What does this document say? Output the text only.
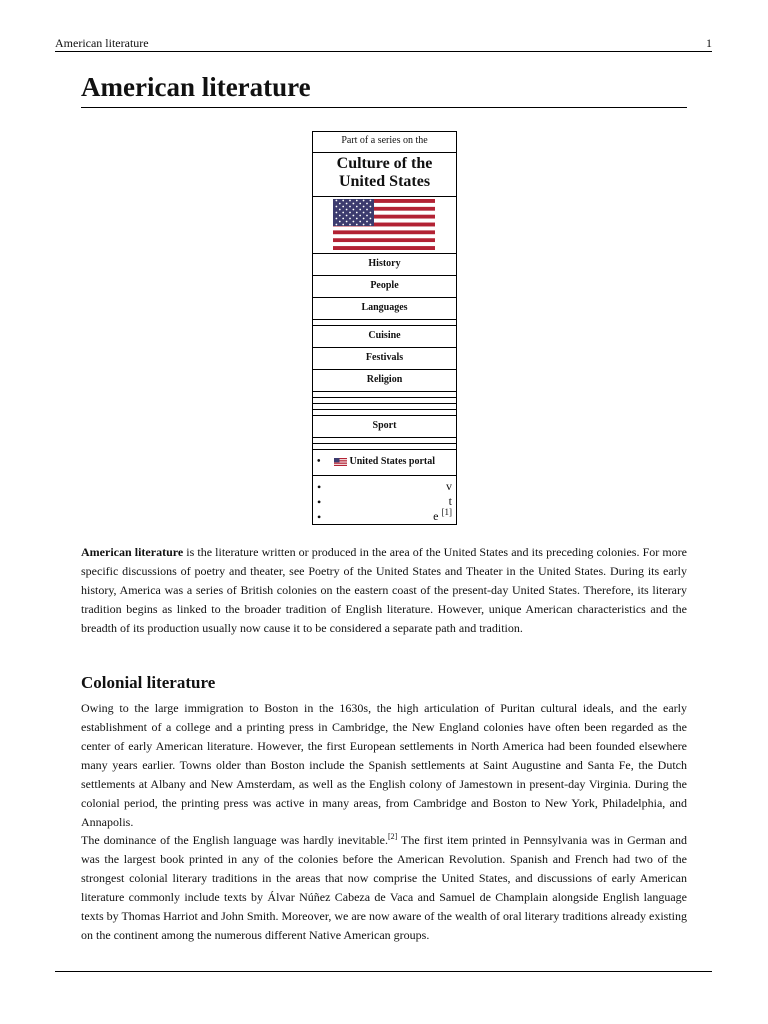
American literature	1
American literature
Part of a series on the
Culture of the United States
History
People
Languages
Cuisine
Festivals
Religion
Sport
•	United States portal
•
•
•
v
t
e [1]

American literature is the literature written or produced in the area of the United States and its preceding colonies. For more specific discussions of poetry and theater, see Poetry of the United States and Theater in the United States. During its early history, America was a series of British colonies on the eastern coast of the present-day United States. Therefore, its literary tradition begins as linked to the broader tradition of English literature. However, unique American characteristics and the breadth of its production usually now cause it to be considered a separate path and tradition.

Colonial literature

Owing to the large immigration to Boston in the 1630s, the high articulation of Puritan cultural ideals, and the early establishment of a college and a printing press in Cambridge, the New England colonies have often been regarded as the center of early American literature. However, the first European settlements in North America had been founded elsewhere many years earlier. Towns older than Boston include the Spanish settlements at Saint Augustine and Santa Fe, the Dutch settlements at Albany and New Amsterdam, as well as the English colony of Jamestown in present-day Virginia. During the colonial period, the printing press was active in many areas, from Cambridge and Boston to New York, Philadelphia, and Annapolis.

The dominance of the English language was hardly inevitable.[2] The first item printed in Pennsylvania was in German and was the largest book printed in any of the colonies before the American Revolution. Spanish and French had two of the strongest colonial literary traditions in the areas that now comprise the United States, and discussions of early American literature commonly include texts by Álvar Núñez Cabeza de Vaca and Samuel de Champlain alongside English language texts by Thomas Harriot and John Smith. Moreover, we are now aware of the wealth of oral literary traditions already existing on the continent among the numerous different Native American groups.
